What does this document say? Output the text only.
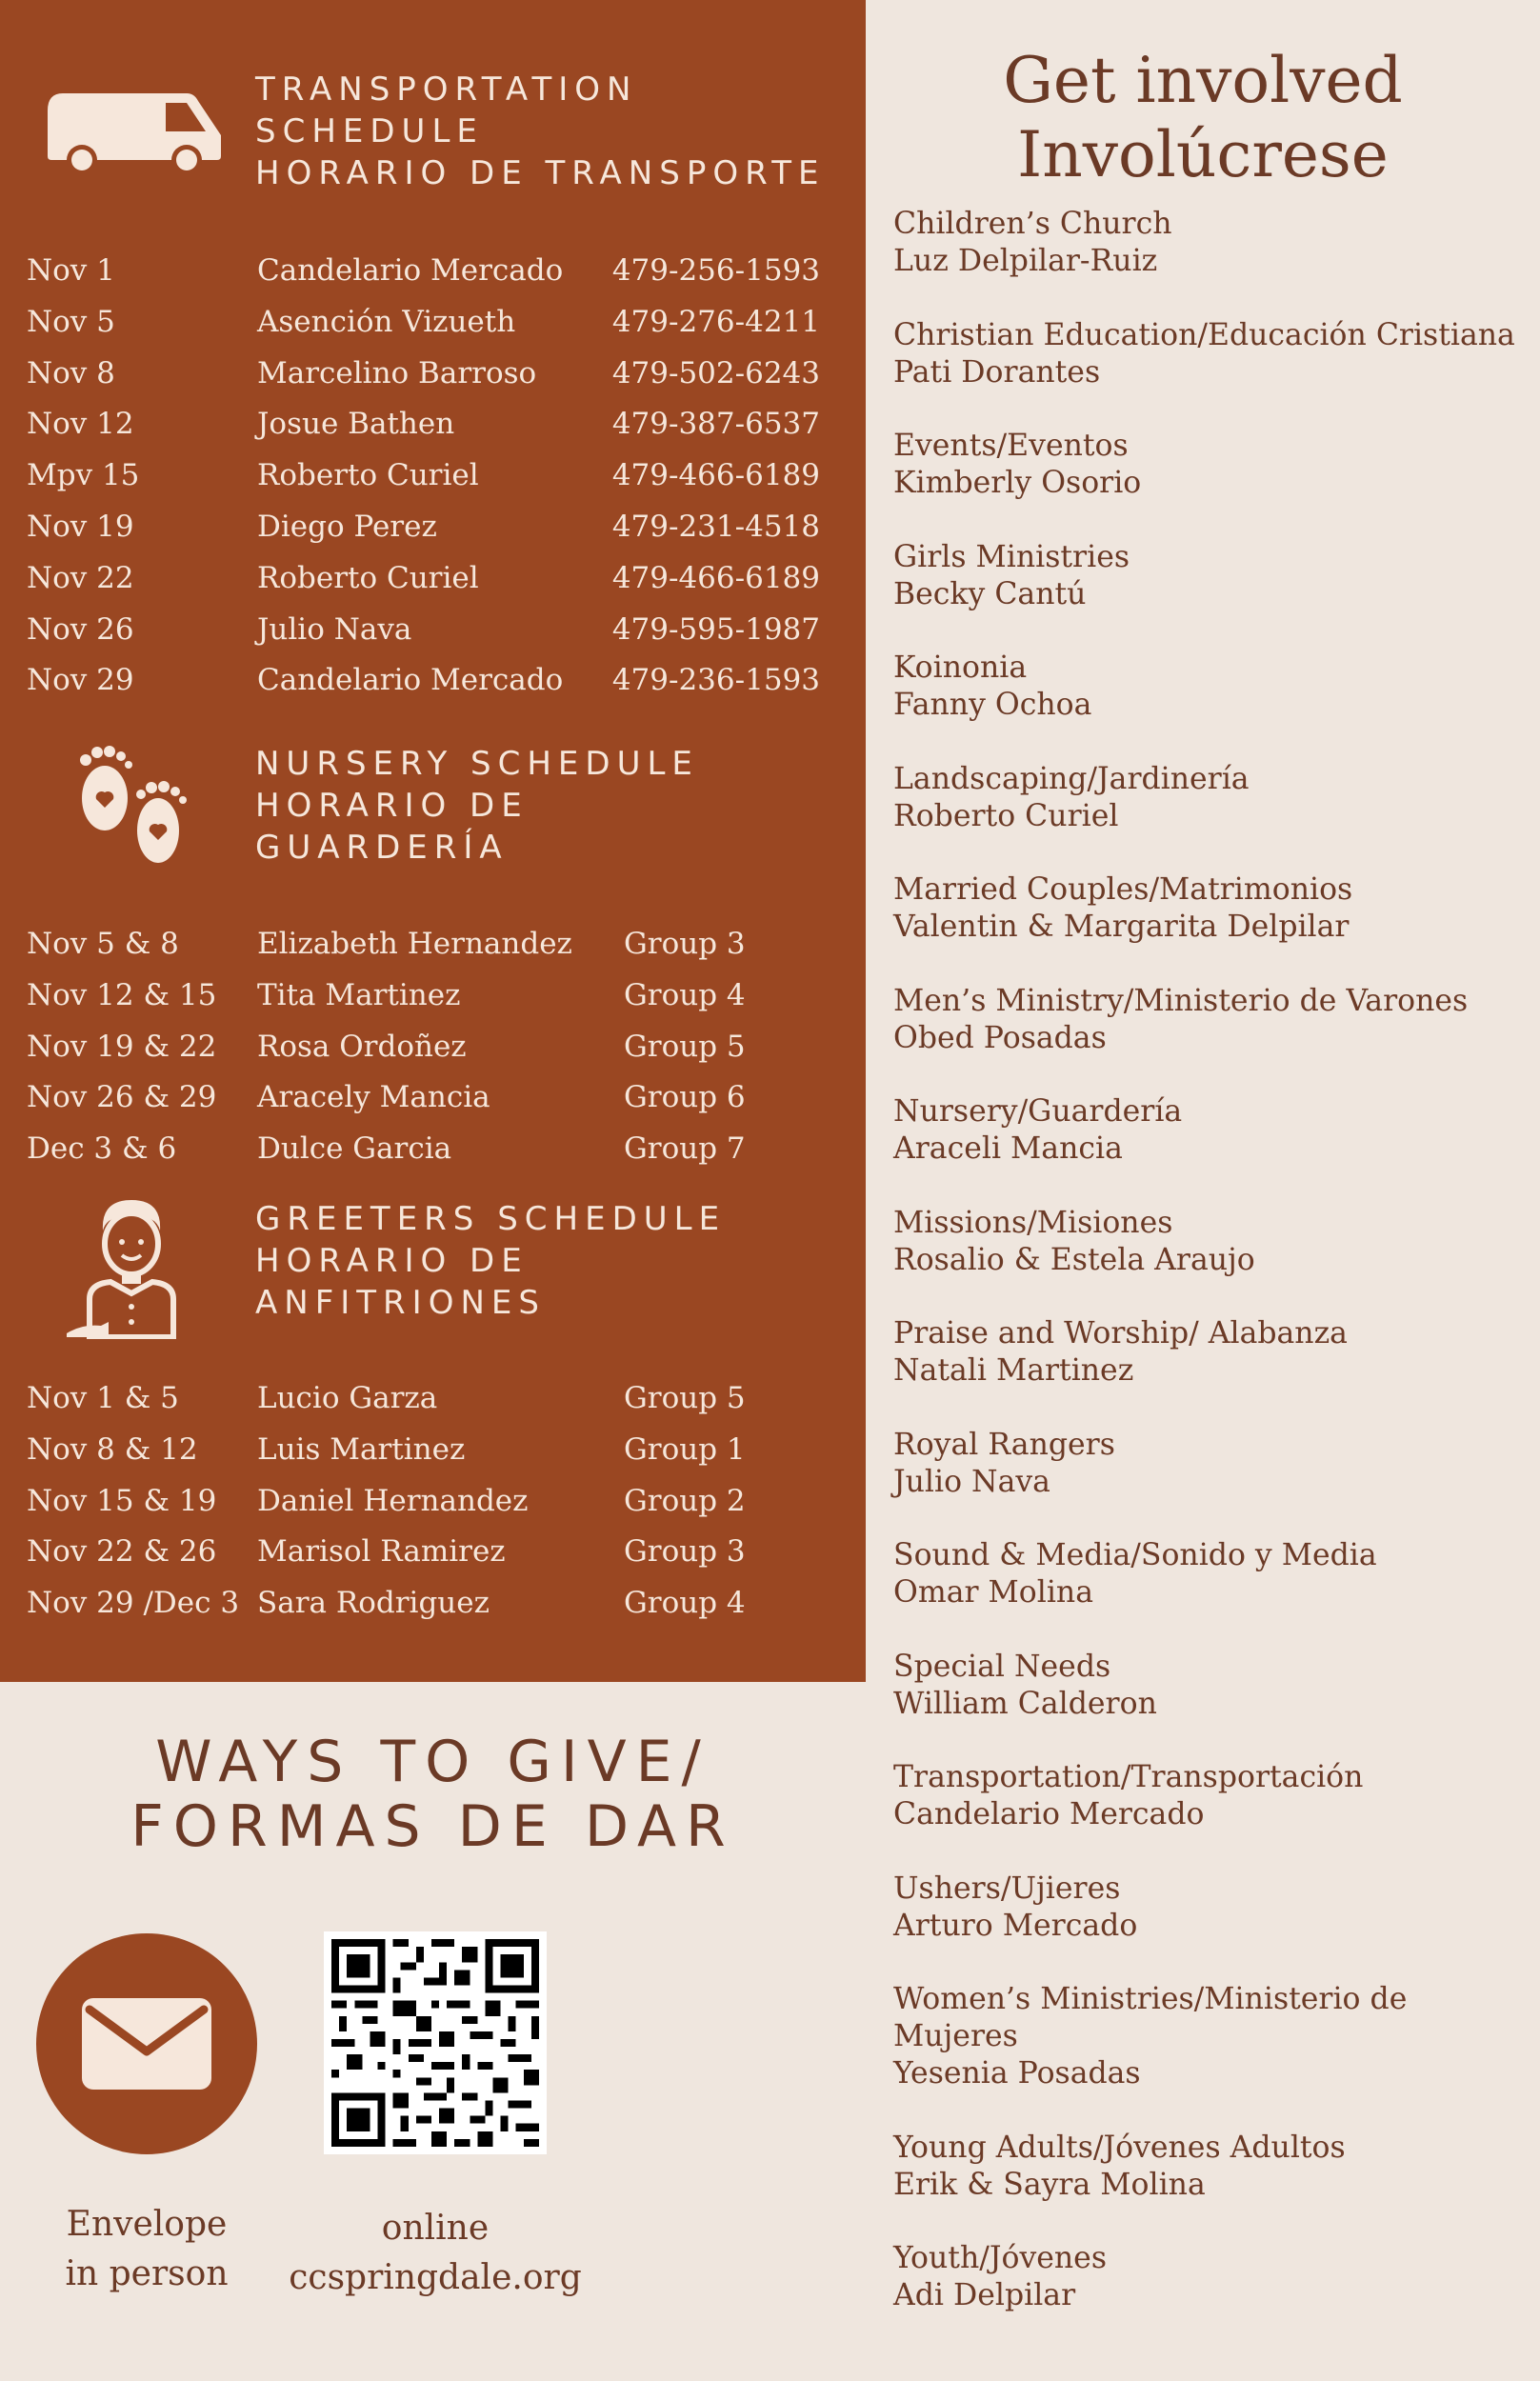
TRANSPORTATION
SCHEDULE
HORARIO DE TRANSPORTE
Nov 1	Candelario Mercado 479-256-1593
Nov 5	Asención Vizueth	479-276-4211
Nov 8	Marcelino Barroso	479-502-6243
Nov 12	Josue Bathen	479-387-6537
Mpv 15	Roberto Curiel	479-466-6189
Nov 19	Diego Perez	479-231-4518
Nov 22	Roberto Curiel	479-466-6189
Nov 26	Julio Nava	479-595-1987
Nov 29	Candelario Mercado 479-236-1593
NURSERY SCHEDULE
HORARIO DE
GUARDERÍA
Nov 5 & 8	Elizabeth Hernandez Group 3
Nov 12 & 15 Tita Martinez	Group 4
Nov 19 & 22 Rosa Ordoñez	Group 5
Nov 26 & 29 Aracely Mancia	Group 6
Dec 3 & 6	Dulce Garcia	Group 7
GREETERS SCHEDULE
HORARIO DE
ANFITRIONES
Nov 1 & 5	Lucio Garza	Group 5
Nov 8 & 12 Luis Martinez	Group 1
Nov 15 & 19 Daniel Hernandez	Group 2
Nov 22 & 26 Marisol Ramirez	Group 3
Nov 29 /Dec 3 Sara Rodriguez	Group 4
WAYS TO GIVE/
FORMAS DE DAR
Envelope
in person
online
ccspringdale.org
Get involved
Involúcrese
Children’s Church
Luz Delpilar-Ruiz
Christian Education/Educación Cristiana
Pati Dorantes
Events/Eventos
Kimberly Osorio
Girls Ministries
Becky Cantú
Koinonia
Fanny Ochoa
Landscaping/Jardinería
Roberto Curiel
Married Couples/Matrimonios
Valentin & Margarita Delpilar
Men’s Ministry/Ministerio de Varones
Obed Posadas
Nursery/Guardería
Araceli Mancia
Missions/Misiones
Rosalio & Estela Araujo
Praise and Worship/ Alabanza
Natali Martinez
Royal Rangers
Julio Nava
Sound & Media/Sonido y Media
Omar Molina
Special Needs
William Calderon
Transportation/Transportación
Candelario Mercado
Ushers/Ujieres
Arturo Mercado
Women’s Ministries/Ministerio de
Mujeres
Yesenia Posadas
Young Adults/Jóvenes Adultos
Erik & Sayra Molina
Youth/Jóvenes
Adi Delpilar
